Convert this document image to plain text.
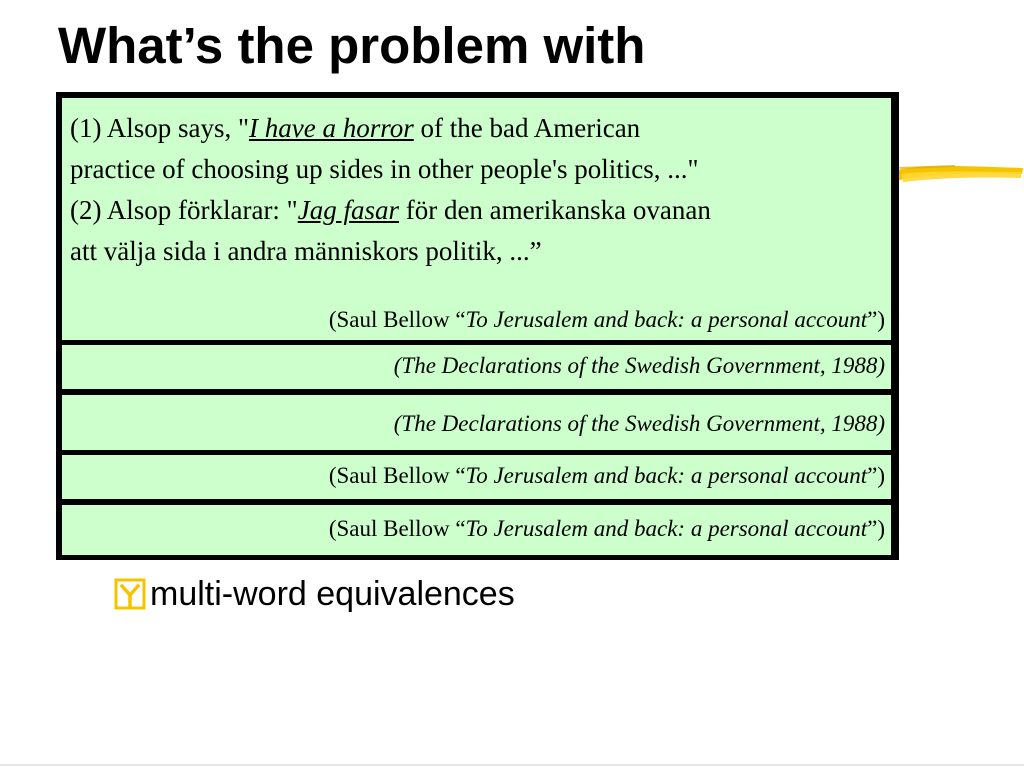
What’s the problem with

(1) Alsop says, "I have a horror of the bad American
practice of choosing up sides in other people's politics, ..."
(2) Alsop förklarar: "Jag fasar för den amerikanska ovanan
att välja sida i andra människors politik, ...”

(Saul Bellow “To Jerusalem and back: a personal account”)
(The Declarations of the Swedish Government, 1988)
(The Declarations of the Swedish Government, 1988)
(Saul Bellow “To Jerusalem and back: a personal account”)
(Saul Bellow “To Jerusalem and back: a personal account”)
multi-word equivalences
